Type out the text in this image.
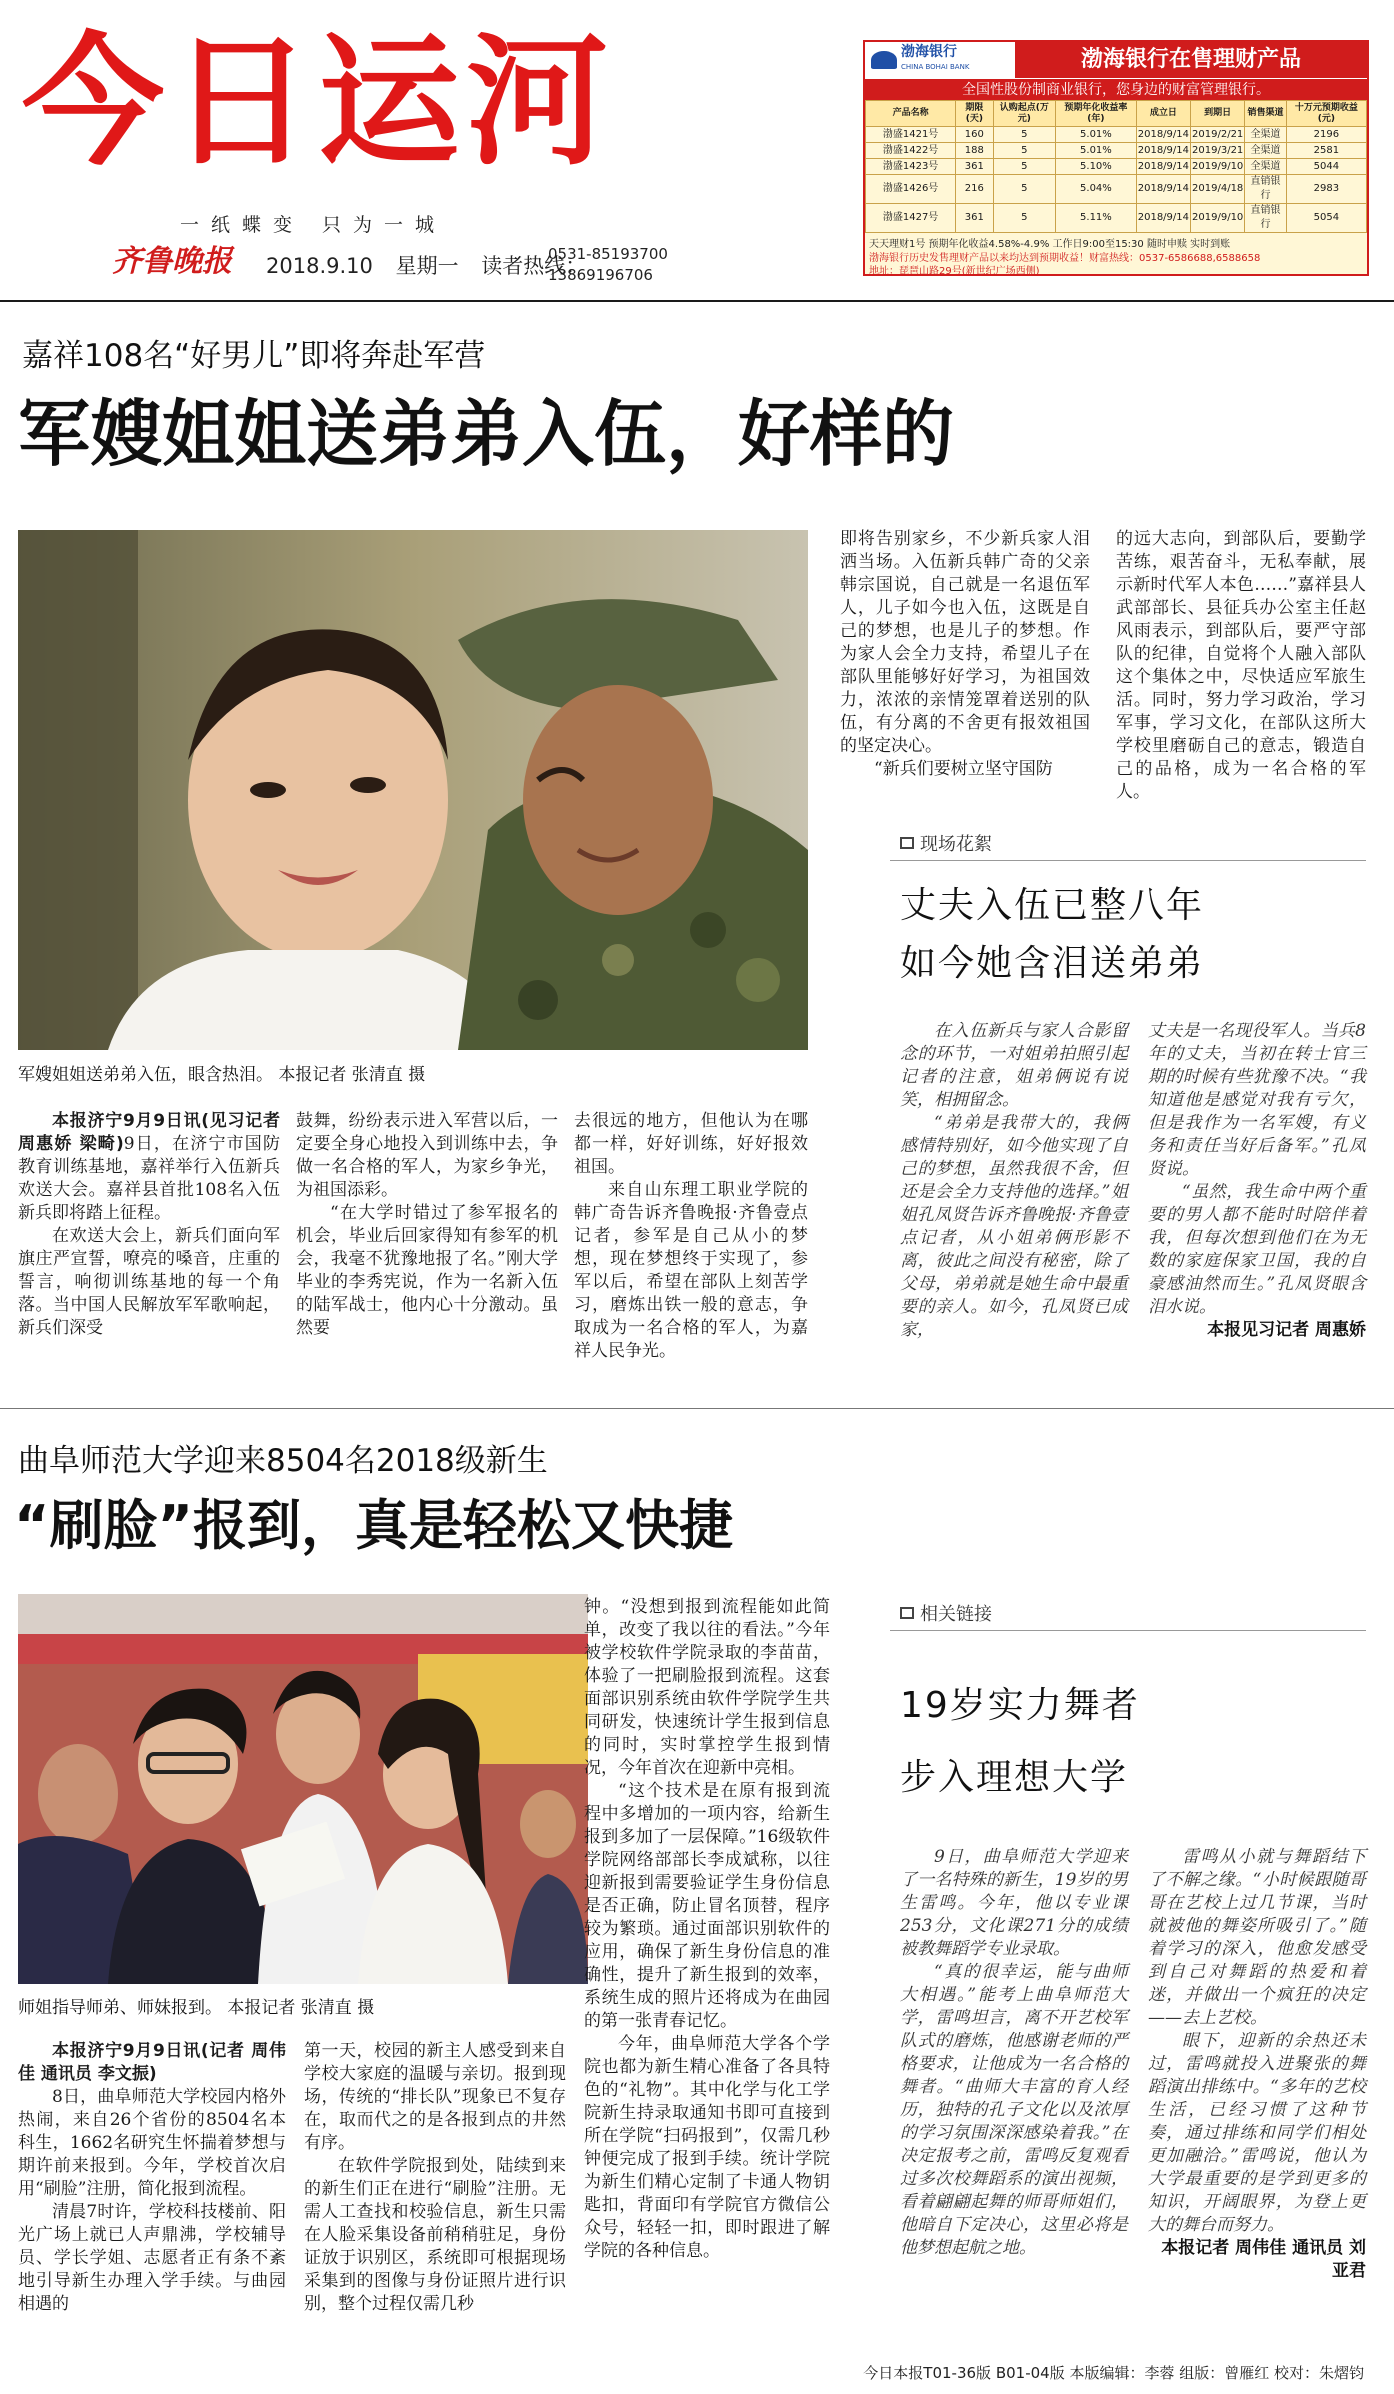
今日运河
一纸蝶变 只为一城
齐鲁晚报	2018.9.10 星期一 读者热线：
0531-85193700
13869196706
渤海银行
CHINA BOHAI BANK	渤海银行在售理财产品
全国性股份制商业银行，您身边的财富管理银行。
产品名称	期限(天)	认购起点(万元)	预期年化收益率(年)	成立日	到期日	销售渠道	十万元预期收益(元)
渤盛1421号	160	5	5.01%	2018/9/14	2019/2/21	全渠道	2196
渤盛1422号	188	5	5.01%	2018/9/14	2019/3/21	全渠道	2581
渤盛1423号	361	5	5.10%	2018/9/14	2019/9/10	全渠道	5044
渤盛1426号	216	5	5.04%	2018/9/14	2019/4/18	直销银行	2983
渤盛1427号	361	5	5.11%	2018/9/14	2019/9/10	直销银行	5054
天天理财1号 预期年化收益4.58%-4.9% 工作日9:00至15:30 随时申赎 实时到账
渤海银行历史发售理财产品以来均达到预期收益！财富热线：0537-6586688,6588658
地址：琵琶山路29号(新世纪广场西侧)
嘉祥108名“好男儿”即将奔赴军营
军嫂姐姐送弟弟入伍，好样的
军嫂姐姐送弟弟入伍，眼含热泪。 本报记者 张清直 摄

本报济宁9月9日讯(见习记者 周惠娇 梁畸)9日，在济宁市国防教育训练基地，嘉祥举行入伍新兵欢送大会。嘉祥县首批108名入伍新兵即将踏上征程。

在欢送大会上，新兵们面向军旗庄严宣誓，嘹亮的嗓音，庄重的誓言，响彻训练基地的每一个角落。当中国人民解放军军歌响起，新兵们深受

鼓舞，纷纷表示进入军营以后，一定要全身心地投入到训练中去，争做一名合格的军人，为家乡争光，为祖国添彩。

“在大学时错过了参军报名的机会，毕业后回家得知有参军的机会，我毫不犹豫地报了名。”刚大学毕业的李秀宪说，作为一名新入伍的陆军战士，他内心十分激动。虽然要

去很远的地方，但他认为在哪都一样，好好训练，好好报效祖国。

来自山东理工职业学院的韩广奇告诉齐鲁晚报·齐鲁壹点记者，参军是自己从小的梦想，现在梦想终于实现了，参军以后，希望在部队上刻苦学习，磨炼出铁一般的意志，争取成为一名合格的军人，为嘉祥人民争光。

即将告别家乡，不少新兵家人泪洒当场。入伍新兵韩广奇的父亲韩宗国说，自己就是一名退伍军人，儿子如今也入伍，这既是自己的梦想，也是儿子的梦想。作为家人会全力支持，希望儿子在部队里能够好好学习，为祖国效力，浓浓的亲情笼罩着送别的队伍，有分离的不舍更有报效祖国的坚定决心。

“新兵们要树立坚守国防

的远大志向，到部队后，要勤学苦练，艰苦奋斗，无私奉献，展示新时代军人本色……”嘉祥县人武部部长、县征兵办公室主任赵风雨表示，到部队后，要严守部队的纪律，自觉将个人融入部队这个集体之中，尽快适应军旅生活。同时，努力学习政治，学习军事，学习文化，在部队这所大学校里磨砺自己的意志，锻造自己的品格，成为一名合格的军人。

现场花絮
丈夫入伍已整八年
如今她含泪送弟弟

在入伍新兵与家人合影留念的环节，一对姐弟拍照引起记者的注意，姐弟俩说有说笑，相拥留念。

“弟弟是我带大的，我俩感情特别好，如今他实现了自己的梦想，虽然我很不舍，但还是会全力支持他的选择。”姐姐孔凤贤告诉齐鲁晚报·齐鲁壹点记者，从小姐弟俩形影不离，彼此之间没有秘密，除了父母，弟弟就是她生命中最重要的亲人。如今，孔凤贤已成家，

丈夫是一名现役军人。当兵8年的丈夫，当初在转士官三期的时候有些犹豫不决。“我知道他是感觉对我有亏欠，但是我作为一名军嫂，有义务和责任当好后备军。”孔凤贤说。

“虽然，我生命中两个重要的男人都不能时时陪伴着我，但每次想到他们在为无数的家庭保家卫国，我的自豪感油然而生。”孔凤贤眼含泪水说。

本报见习记者 周惠娇

曲阜师范大学迎来8504名2018级新生
“刷脸”报到，真是轻松又快捷
师姐指导师弟、师妹报到。 本报记者 张清直 摄

本报济宁9月9日讯(记者 周伟佳 通讯员 李文振)

8日，曲阜师范大学校园内格外热闹，来自26个省份的8504名本科生，1662名研究生怀揣着梦想与期许前来报到。今年，学校首次启用“刷脸”注册，简化报到流程。

清晨7时许，学校科技楼前、阳光广场上就已人声鼎沸，学校辅导员、学长学姐、志愿者正有条不紊地引导新生办理入学手续。与曲园相遇的

第一天，校园的新主人感受到来自学校大家庭的温暖与亲切。报到现场，传统的“排长队”现象已不复存在，取而代之的是各报到点的井然有序。

在软件学院报到处，陆续到来的新生们正在进行“刷脸”注册。无需人工查找和校验信息，新生只需在人脸采集设备前稍稍驻足，身份证放于识别区，系统即可根据现场采集到的图像与身份证照片进行识别，整个过程仅需几秒

钟。“没想到报到流程能如此简单，改变了我以往的看法。”今年被学校软件学院录取的李苗苗，体验了一把刷脸报到流程。这套面部识别系统由软件学院学生共同研发，快速统计学生报到信息的同时，实时掌控学生报到情况，今年首次在迎新中亮相。

“这个技术是在原有报到流程中多增加的一项内容，给新生报到多加了一层保障。”16级软件学院网络部部长李成斌称，以往迎新报到需要验证学生身份信息是否正确，防止冒名顶替，程序较为繁琐。通过面部识别软件的应用，确保了新生身份信息的准确性，提升了新生报到的效率，系统生成的照片还将成为在曲园的第一张青春记忆。

今年，曲阜师范大学各个学院也都为新生精心准备了各具特色的“礼物”。其中化学与化工学院新生持录取通知书即可直接到所在学院“扫码报到”，仅需几秒钟便完成了报到手续。统计学院为新生们精心定制了卡通人物钥匙扣，背面印有学院官方微信公众号，轻轻一扣，即时跟进了解学院的各种信息。

相关链接
19岁实力舞者
步入理想大学

9日，曲阜师范大学迎来了一名特殊的新生，19岁的男生雷鸣。今年，他以专业课253分，文化课271分的成绩被教舞蹈学专业录取。

“真的很幸运，能与曲师大相遇。”能考上曲阜师范大学，雷鸣坦言，离不开艺校军队式的磨炼，他感谢老师的严格要求，让他成为一名合格的舞者。“曲师大丰富的育人经历，独特的孔子文化以及浓厚的学习氛围深深感染着我。”在决定报考之前，雷鸣反复观看过多次校舞蹈系的演出视频，看着翩翩起舞的师哥师姐们，他暗自下定决心，这里必将是他梦想起航之地。

雷鸣从小就与舞蹈结下了不解之缘。“小时候跟随哥哥在艺校上过几节课，当时就被他的舞姿所吸引了。”随着学习的深入，他愈发感受到自己对舞蹈的热爱和着迷，并做出一个疯狂的决定——去上艺校。

眼下，迎新的余热还未过，雷鸣就投入进聚张的舞蹈演出排练中。“多年的艺校生活，已经习惯了这种节奏，通过排练和同学们相处更加融洽。”雷鸣说，他认为大学最重要的是学到更多的知识，开阔眼界，为登上更大的舞台而努力。

本报记者 周伟佳 通讯员 刘亚君

今日本报T01-36版 B01-04版 本版编辑：李蓉 组版：曾雁红 校对：朱熠钧
